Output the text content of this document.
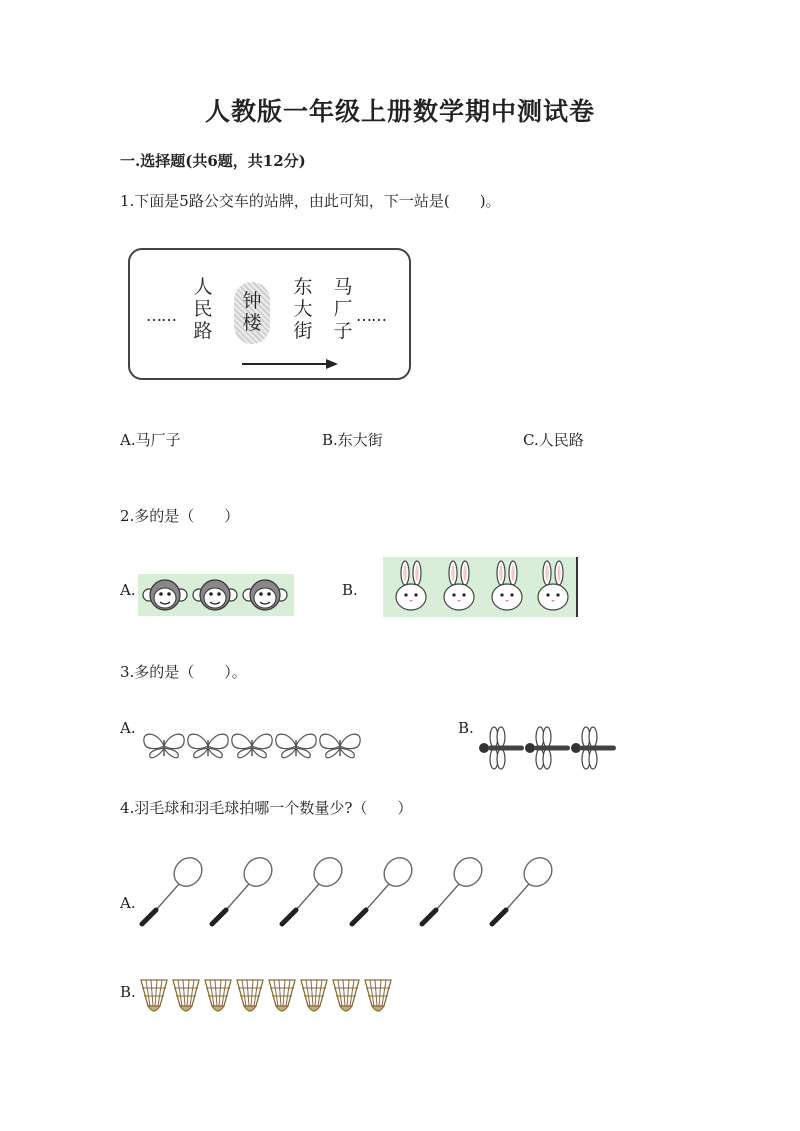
人教版一年级上册数学期中测试卷
一.选择题(共6题，共12分)
1.下面是5路公交车的站牌，由此可知，下一站是(　　)。
……
人民路
钟楼
东大街
马厂子
……
A.马厂子	B.东大街	C.人民路
2.多的是（　　）
A.	B.
3.多的是（　　）。
A.	B.
4.羽毛球和羽毛球拍哪一个数量少?（　　）
A.
B.
